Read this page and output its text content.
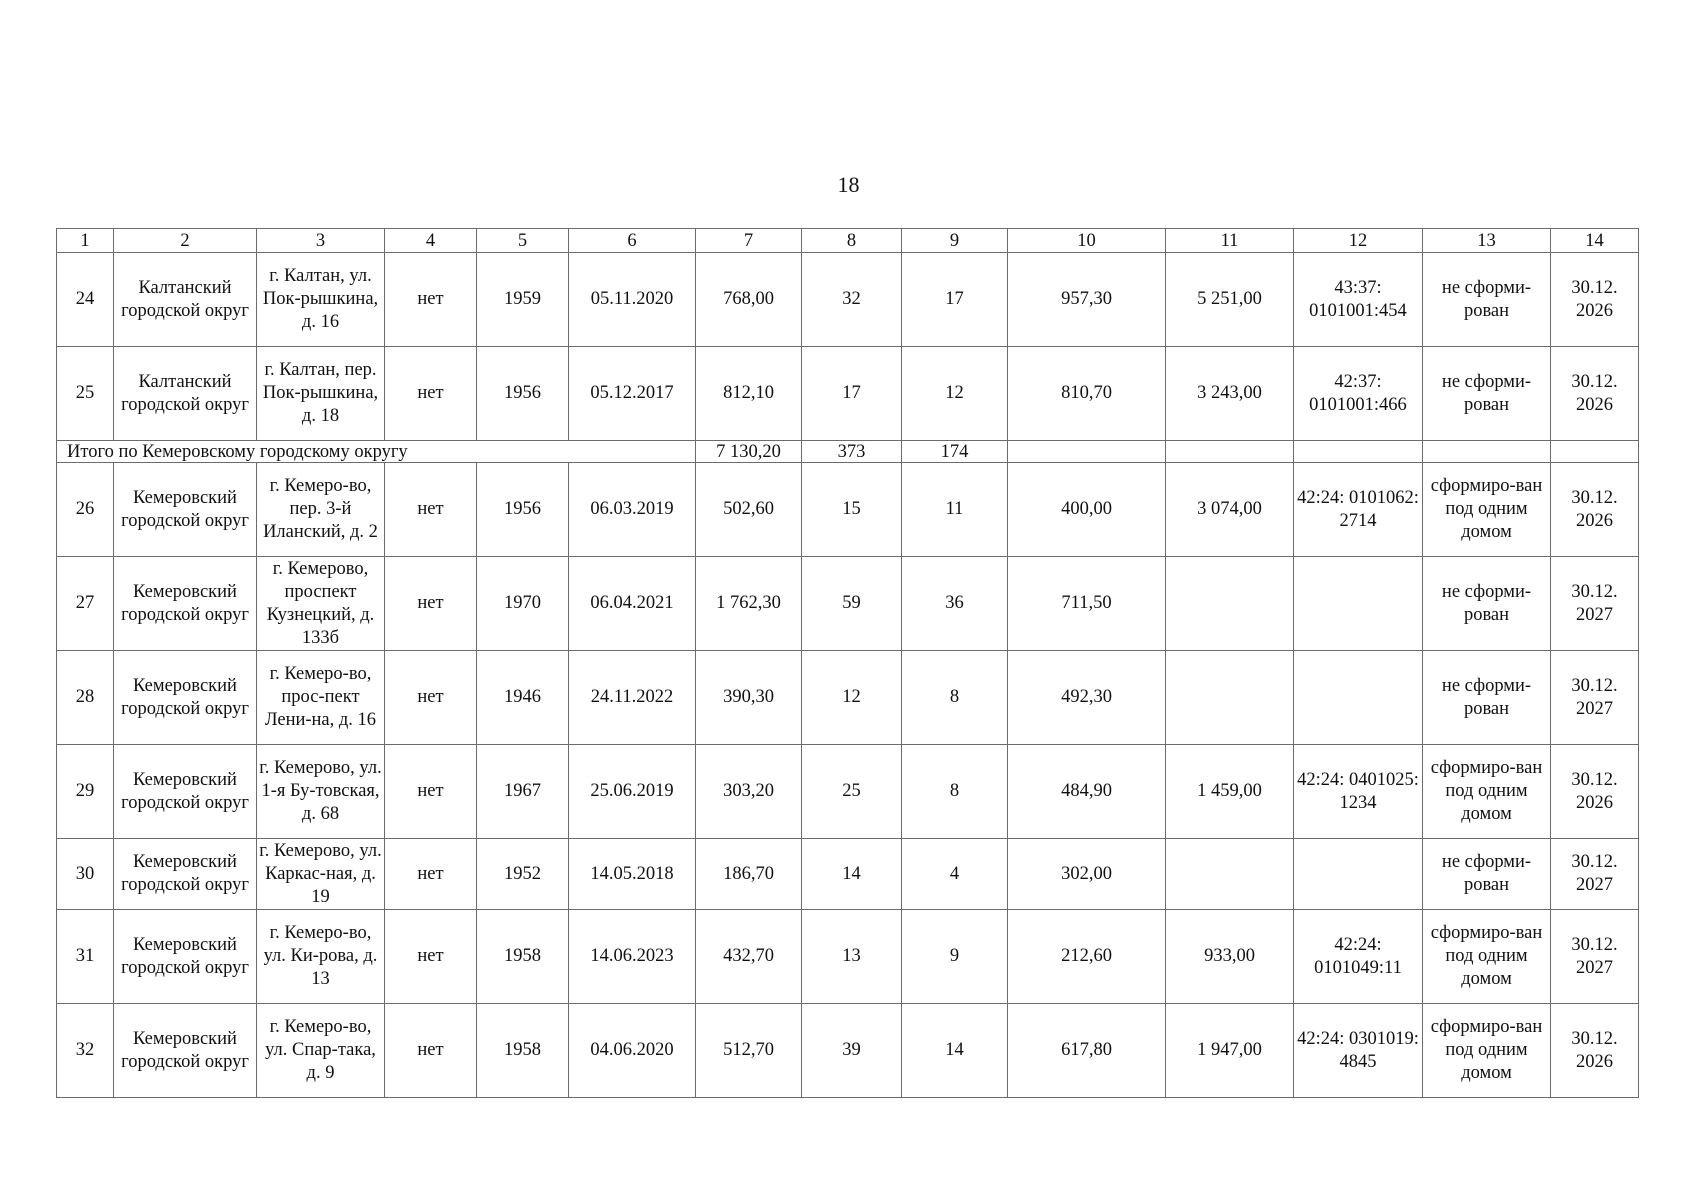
18
1	2	3	4	5	6	7	8	9	10	11	12	13	14
24	Калтанский городской округ	г. Калтан, ул. Пок-рышкина, д. 16	нет	1959	05.11.2020	768,00	32	17	957,30	5 251,00	43:37: 0101001:454	не сформи-рован	30.12. 2026
25	Калтанский городской округ	г. Калтан, пер. Пок-рышкина, д. 18	нет	1956	05.12.2017	812,10	17	12	810,70	3 243,00	42:37: 0101001:466	не сформи-рован	30.12. 2026
Итого по Кемеровскому городскому округу						7 130,20	373	174					
26	Кемеровский городской округ	г. Кемеро-во, пер. 3-й Иланский, д. 2	нет	1956	06.03.2019	502,60	15	11	400,00	3 074,00	42:24: 0101062: 2714	сформиро-ван под одним домом	30.12. 2026
27	Кемеровский городской округ	г. Кемерово, проспект Кузнецкий, д. 133б	нет	1970	06.04.2021	1 762,30	59	36	711,50			не сформи-рован	30.12. 2027
28	Кемеровский городской округ	г. Кемеро-во, прос-пект Лени-на, д. 16	нет	1946	24.11.2022	390,30	12	8	492,30			не сформи-рован	30.12. 2027
29	Кемеровский городской округ	г. Кемерово, ул. 1-я Бу-товская, д. 68	нет	1967	25.06.2019	303,20	25	8	484,90	1 459,00	42:24: 0401025: 1234	сформиро-ван под одним домом	30.12. 2026
30	Кемеровский городской округ	г. Кемерово, ул. Каркас-ная, д. 19	нет	1952	14.05.2018	186,70	14	4	302,00			не сформи-рован	30.12. 2027
31	Кемеровский городской округ	г. Кемеро-во, ул. Ки-рова, д. 13	нет	1958	14.06.2023	432,70	13	9	212,60	933,00	42:24: 0101049:11	сформиро-ван под одним домом	30.12. 2027
32	Кемеровский городской округ	г. Кемеро-во, ул. Спар-така, д. 9	нет	1958	04.06.2020	512,70	39	14	617,80	1 947,00	42:24: 0301019: 4845	сформиро-ван под одним домом	30.12. 2026
